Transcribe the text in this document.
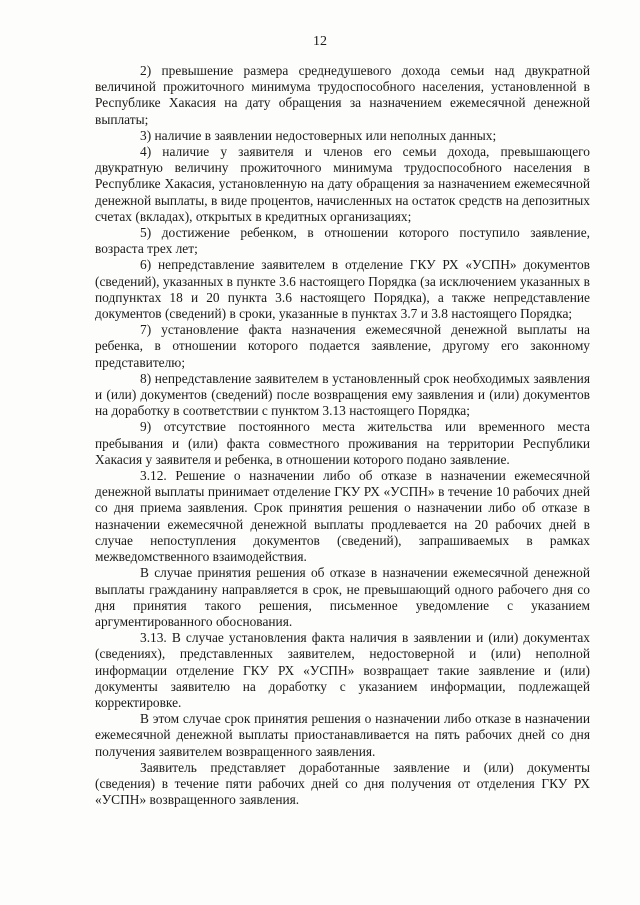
12

2) превышение размера среднедушевого дохода семьи над двукратной величиной прожиточного минимума трудоспособного населения, установленной в Республике Хакасия на дату обращения за назначением ежемесячной денежной выплаты;

3) наличие в заявлении недостоверных или неполных данных;

4) наличие у заявителя и членов его семьи дохода, превышающего двукратную величину прожиточного минимума трудоспособного населения в Республике Хакасия, установленную на дату обращения за назначением ежемесячной денежной выплаты, в виде процентов, начисленных на остаток средств на депозитных счетах (вкладах), открытых в кредитных организациях;

5) достижение ребенком, в отношении которого поступило заявление, возраста трех лет;

6) непредставление заявителем в отделение ГКУ РХ «УСПН» документов (сведений), указанных в пункте 3.6 настоящего Порядка (за исключением указанных в подпунктах 18 и 20 пункта 3.6 настоящего Порядка), а также непредставление документов (сведений) в сроки, указанные в пунктах 3.7 и 3.8 настоящего Порядка;

7) установление факта назначения ежемесячной денежной выплаты на ребенка, в отношении которого подается заявление, другому его законному представителю;

8) непредставление заявителем в установленный срок необходимых заявления и (или) документов (сведений) после возвращения ему заявления и (или) документов на доработку в соответствии с пунктом 3.13 настоящего Порядка;

9) отсутствие постоянного места жительства или временного места пребывания и (или) факта совместного проживания на территории Республики Хакасия у заявителя и ребенка, в отношении которого подано заявление.

3.12. Решение о назначении либо об отказе в назначении ежемесячной денежной выплаты принимает отделение ГКУ РХ «УСПН» в течение 10 рабочих дней со дня приема заявления. Срок принятия решения о назначении либо об отказе в назначении ежемесячной денежной выплаты продлевается на 20 рабочих дней в случае непоступления документов (сведений), запрашиваемых в рамках межведомственного взаимодействия.

В случае принятия решения об отказе в назначении ежемесячной денежной выплаты гражданину направляется в срок, не превышающий одного рабочего дня со дня принятия такого решения, письменное уведомление с указанием аргументированного обоснования.

3.13. В случае установления факта наличия в заявлении и (или) документах (сведениях), представленных заявителем, недостоверной и (или) неполной информации отделение ГКУ РХ «УСПН» возвращает такие заявление и (или) документы заявителю на доработку с указанием информации, подлежащей корректировке.

В этом случае срок принятия решения о назначении либо отказе в назначении ежемесячной денежной выплаты приостанавливается на пять рабочих дней со дня получения заявителем возвращенного заявления.

Заявитель представляет доработанные заявление и (или) документы (сведения) в течение пяти рабочих дней со дня получения от отделения ГКУ РХ «УСПН» возвращенного заявления.
